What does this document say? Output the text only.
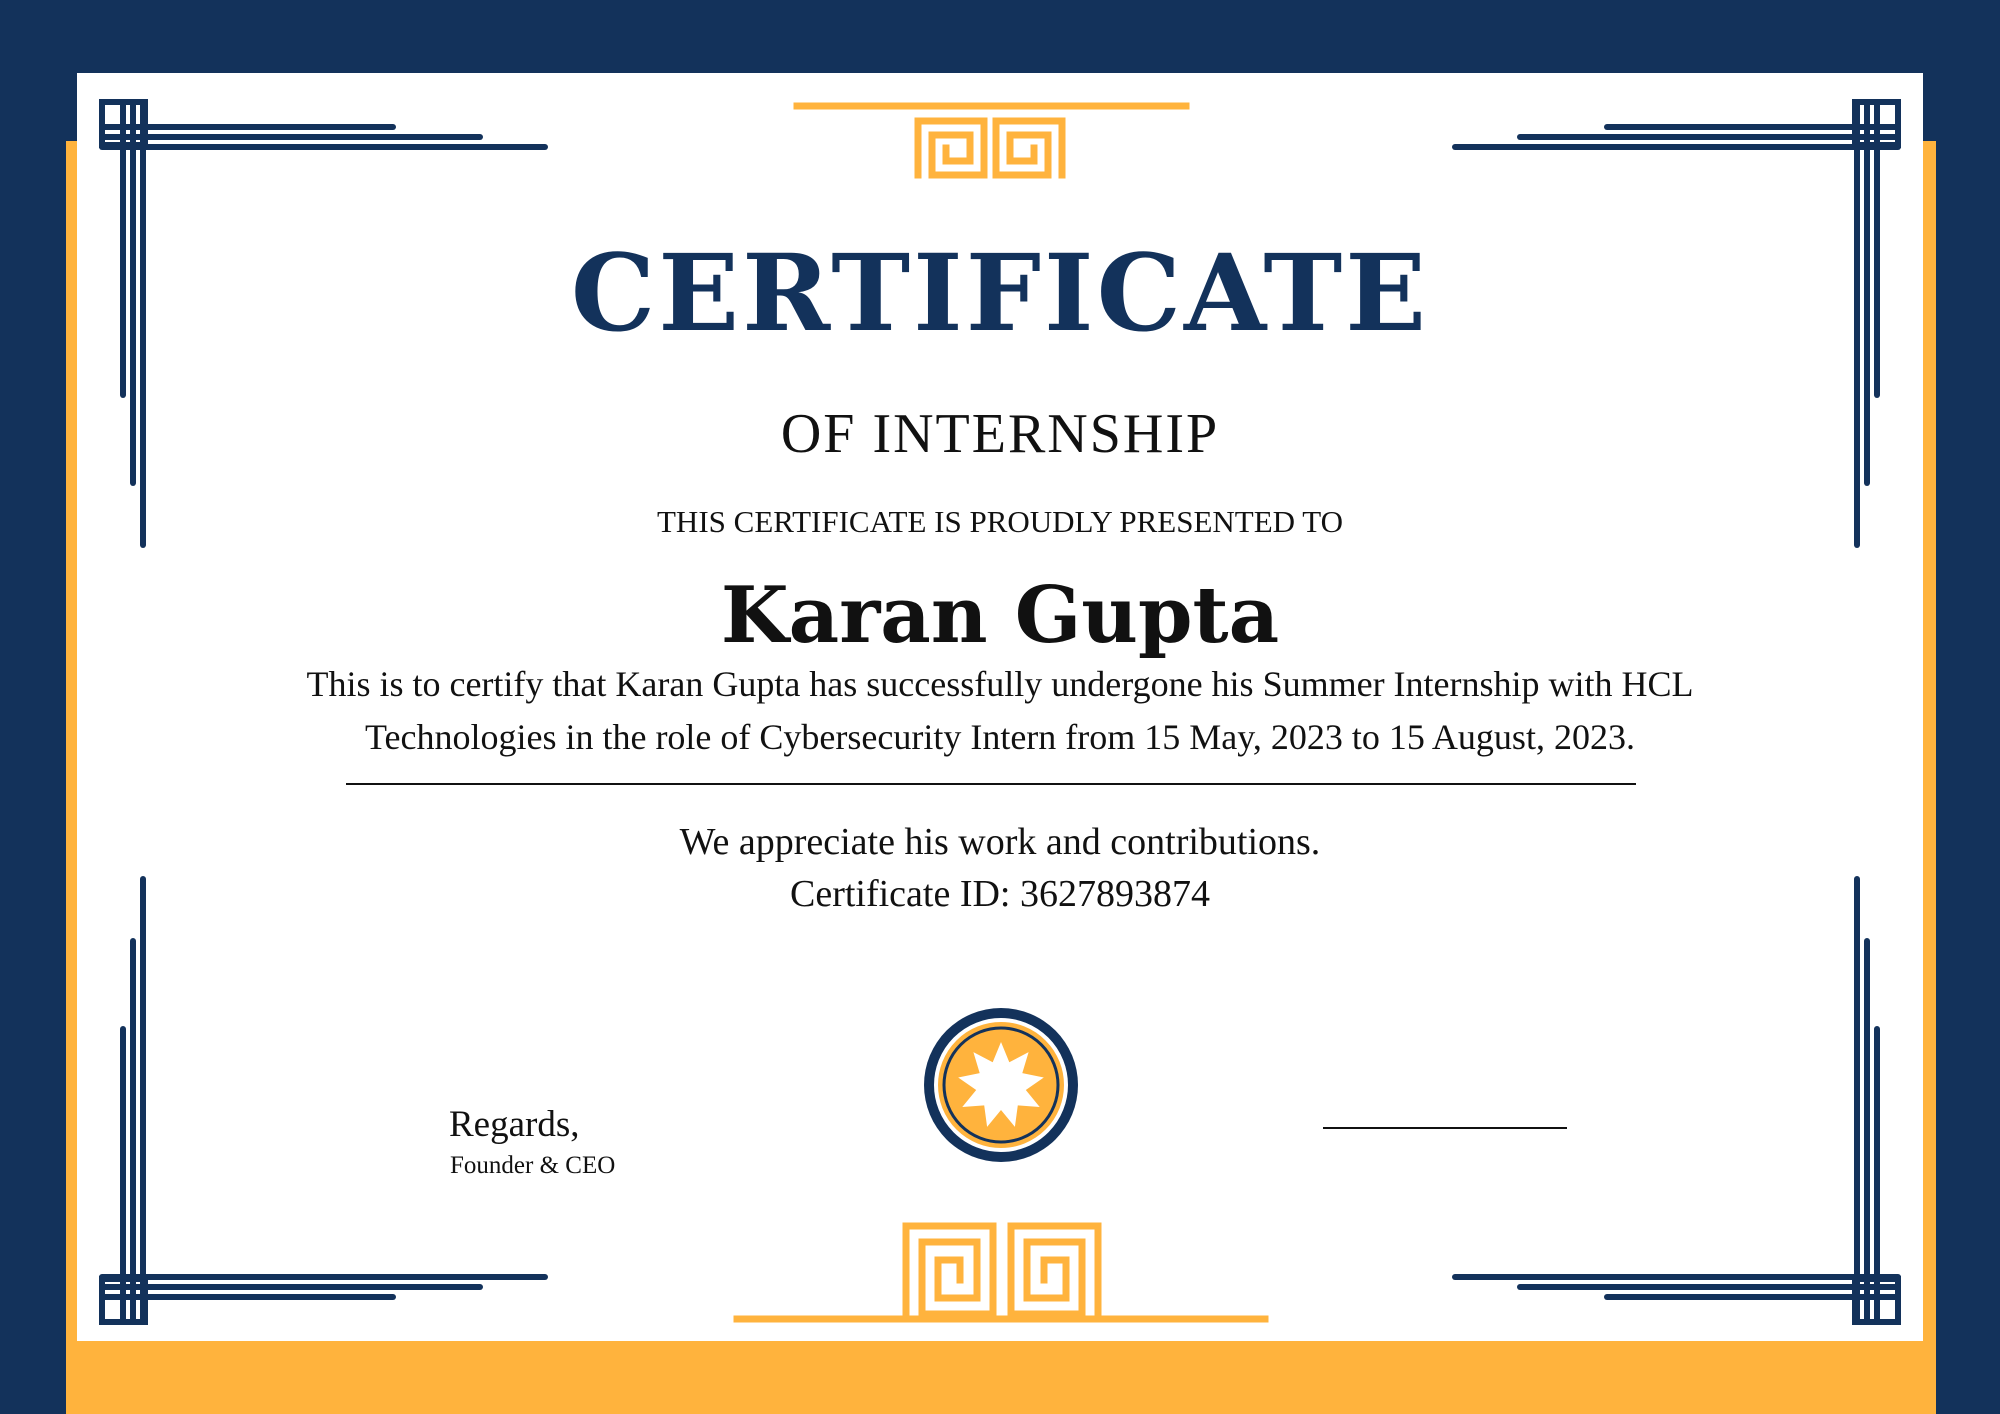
CERTIFICATE
OF INTERNSHIP
THIS CERTIFICATE IS PROUDLY PRESENTED TO
Karan Gupta
This is to certify that Karan Gupta has successfully undergone his Summer Internship with HCL
Technologies in the role of Cybersecurity Intern from 15 May, 2023 to 15 August, 2023.
We appreciate his work and contributions.
Certificate ID: 3627893874
Regards,
Founder & CEO
